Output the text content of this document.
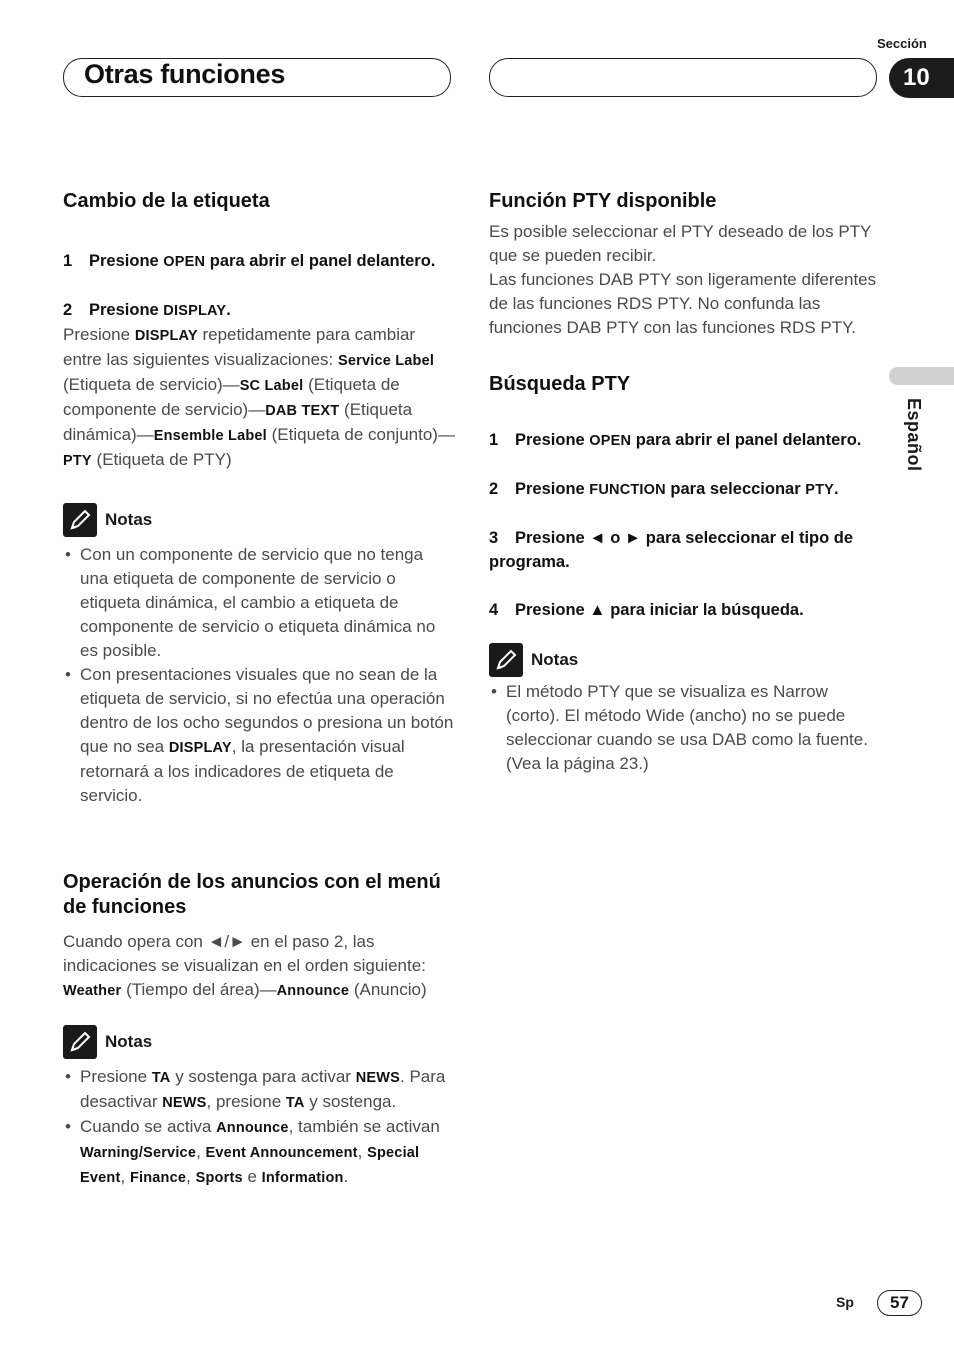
Otras funciones
Sección
10
Español
Cambio de la etiqueta

1 Presione OPEN para abrir el panel delantero.

2 Presione DISPLAY.

Presione DISPLAY repetidamente para cambiar entre las siguientes visualizaciones: Service Label (Etiqueta de servicio)—SC Label (Etiqueta de componente de servicio)—DAB TEXT (Etiqueta dinámica)—Ensemble Label (Etiqueta de conjunto)—PTY (Etiqueta de PTY)

Notas
• Con un componente de servicio que no tenga una etiqueta de componente de servicio o etiqueta dinámica, el cambio a etiqueta de componente de servicio o etiqueta dinámica no es posible.
• Con presentaciones visuales que no sean de la etiqueta de servicio, si no efectúa una operación dentro de los ocho segundos o presiona un botón que no sea DISPLAY, la presentación visual retornará a los indicadores de etiqueta de servicio.
Operación de los anuncios con el menú de funciones

Cuando opera con ◄/► en el paso 2, las indicaciones se visualizan en el orden siguiente: Weather (Tiempo del área)—Announce (Anuncio)

Notas
• Presione TA y sostenga para activar NEWS. Para desactivar NEWS, presione TA y sostenga.
• Cuando se activa Announce, también se activan Warning/Service, Event Announcement, Special Event, Finance, Sports e Information.
Función PTY disponible

Es posible seleccionar el PTY deseado de los PTY que se pueden recibir.

Las funciones DAB PTY son ligeramente diferentes de las funciones RDS PTY. No confunda las funciones DAB PTY con las funciones RDS PTY.

Búsqueda PTY

1 Presione OPEN para abrir el panel delantero.

2 Presione FUNCTION para seleccionar PTY.

3 Presione ◄ o ► para seleccionar el tipo de programa.

4 Presione ▲ para iniciar la búsqueda.

Notas
• El método PTY que se visualiza es Narrow (corto). El método Wide (ancho) no se puede seleccionar cuando se usa DAB como la fuente. (Vea la página 23.)
Sp	57
